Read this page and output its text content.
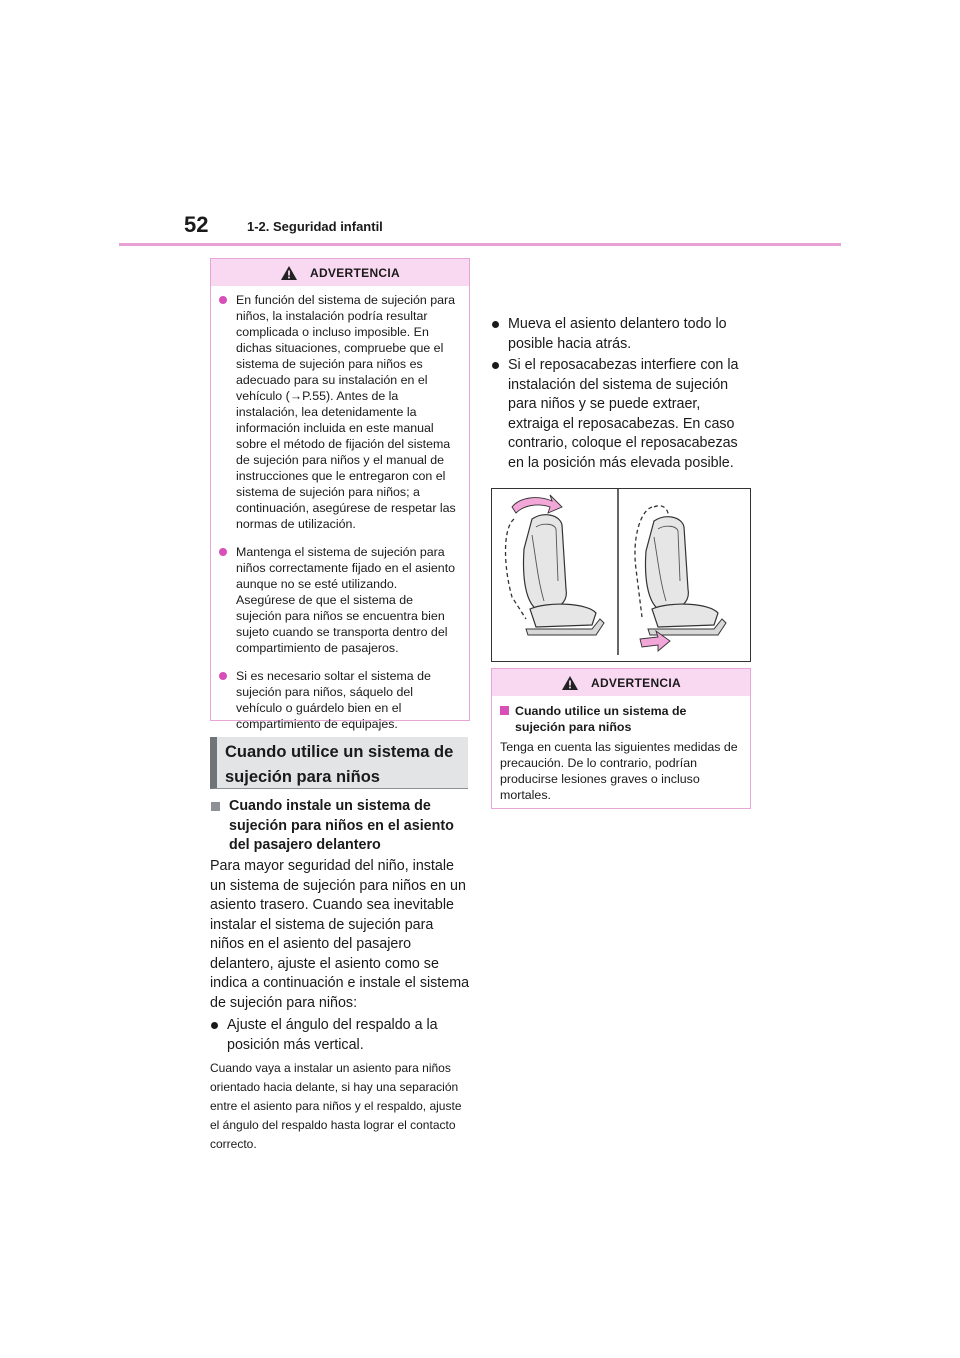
52	1-2. Seguridad infantil
ADVERTENCIA
En función del sistema de sujeción para niños, la instalación podría resultar complicada o incluso imposible. En dichas situaciones, compruebe que el sistema de sujeción para niños es adecuado para su instalación en el vehículo (→P.55). Antes de la instalación, lea detenidamente la información incluida en este manual sobre el método de fijación del sistema de sujeción para niños y el manual de instrucciones que le entregaron con el sistema de sujeción para niños; a continuación, asegúrese de respetar las normas de utilización.
Mantenga el sistema de sujeción para niños correctamente fijado en el asiento aunque no se esté utilizando. Asegúrese de que el sistema de sujeción para niños se encuentra bien sujeto cuando se transporta dentro del compartimiento de pasajeros.
Si es necesario soltar el sistema de sujeción para niños, sáquelo del vehículo o guárdelo bien en el compartimiento de equipajes.
Cuando utilice un sistema de sujeción para niños
Cuando instale un sistema de sujeción para niños en el asiento del pasajero delantero
Para mayor seguridad del niño, instale un sistema de sujeción para niños en un asiento trasero. Cuando sea inevitable instalar el sistema de sujeción para niños en el asiento del pasajero delantero, ajuste el asiento como se indica a continuación e instale el sistema de sujeción para niños:
Ajuste el ángulo del respaldo a la posición más vertical.
Cuando vaya a instalar un asiento para niños orientado hacia delante, si hay una separación entre el asiento para niños y el respaldo, ajuste el ángulo del respaldo hasta lograr el contacto correcto.
Mueva el asiento delantero todo lo posible hacia atrás.
Si el reposacabezas interfiere con la instalación del sistema de sujeción para niños y se puede extraer, extraiga el reposacabezas. En caso contrario, coloque el reposacabezas en la posición más elevada posible.
ADVERTENCIA
Cuando utilice un sistema de sujeción para niños
Tenga en cuenta las siguientes medidas de precaución. De lo contrario, podrían producirse lesiones graves o incluso mortales.
